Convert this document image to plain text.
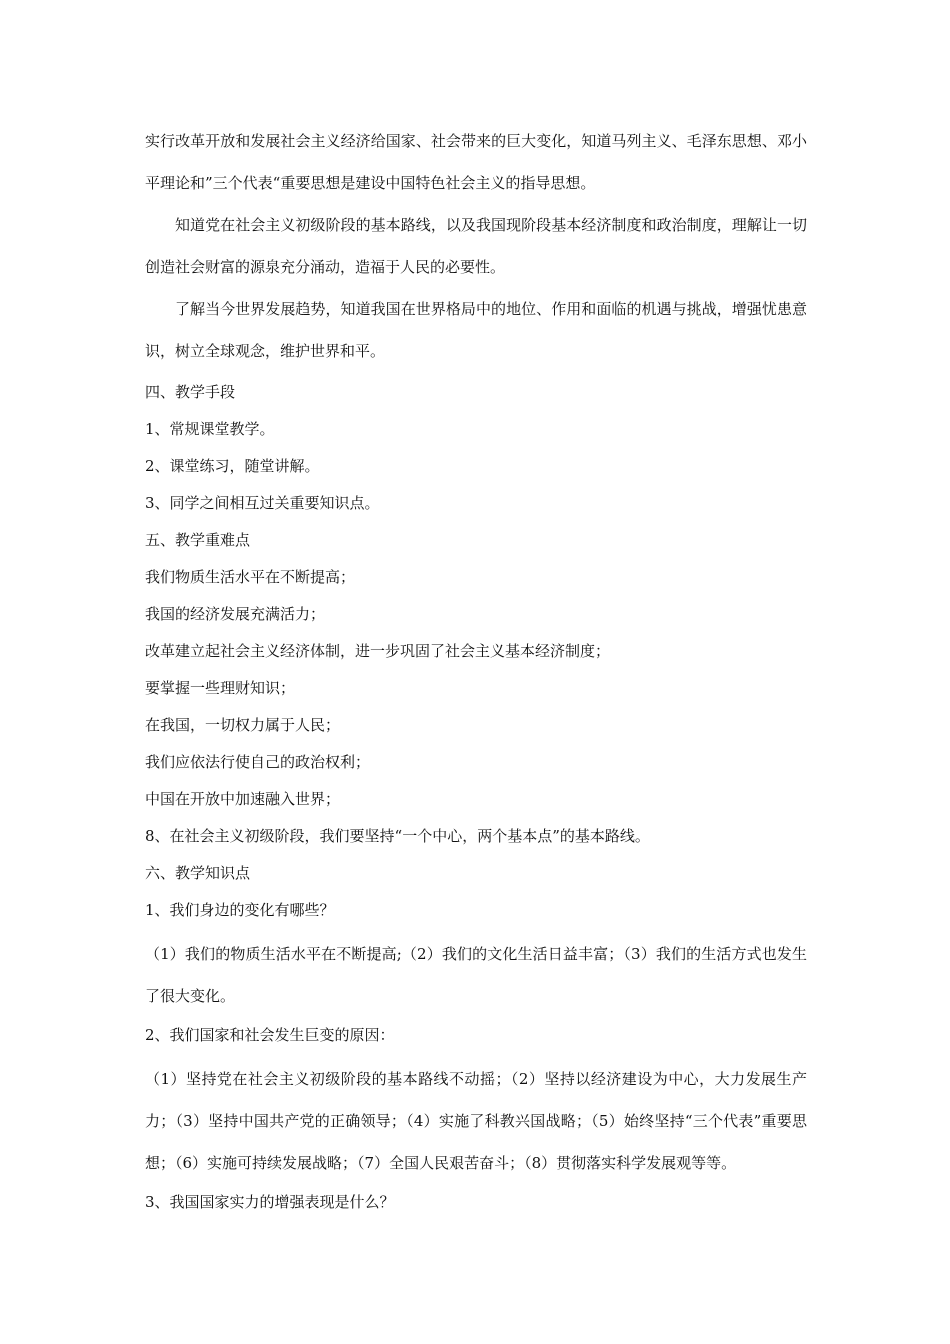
实行改革开放和发展社会主义经济给国家、社会带来的巨大变化，知道马列主义、毛泽东思想、邓小平理论和”三个代表“重要思想是建设中国特色社会主义的指导思想。

知道党在社会主义初级阶段的基本路线，以及我国现阶段基本经济制度和政治制度，理解让一切创造社会财富的源泉充分涌动，造福于人民的必要性。

了解当今世界发展趋势，知道我国在世界格局中的地位、作用和面临的机遇与挑战，增强忧患意识，树立全球观念，维护世界和平。

四、教学手段

1、常规课堂教学。

2、课堂练习，随堂讲解。

3、同学之间相互过关重要知识点。

五、教学重难点

我们物质生活水平在不断提高；

我国的经济发展充满活力；

改革建立起社会主义经济体制，进一步巩固了社会主义基本经济制度；

要掌握一些理财知识；

在我国，一切权力属于人民；

我们应依法行使自己的政治权利；

中国在开放中加速融入世界；

8、在社会主义初级阶段，我们要坚持“一个中心，两个基本点”的基本路线。

六、教学知识点

1、我们身边的变化有哪些？

（1）我们的物质生活水平在不断提高;（2）我们的文化生活日益丰富；（3）我们的生活方式也发生了很大变化。

2、我们国家和社会发生巨变的原因：

（1）坚持党在社会主义初级阶段的基本路线不动摇；（2）坚持以经济建设为中心，大力发展生产力；（3）坚持中国共产党的正确领导；（4）实施了科教兴国战略；（5）始终坚持“三个代表”重要思想；（6）实施可持续发展战略；（7）全国人民艰苦奋斗；（8）贯彻落实科学发展观等等。

3、我国国家实力的增强表现是什么？
